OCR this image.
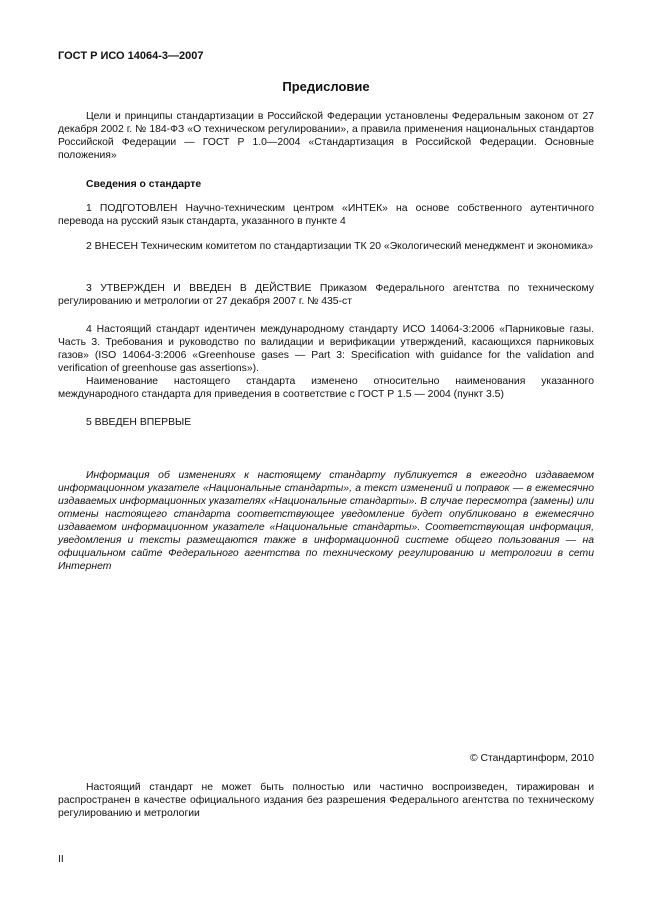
ГОСТ Р ИСО 14064-3—2007
Предисловие

Цели и принципы стандартизации в Российской Федерации установлены Федеральным законом от 27 декабря 2002 г. № 184-ФЗ «О техническом регулировании», а правила применения национальных стандартов Российской Федерации — ГОСТ Р 1.0—2004 «Стандартизация в Российской Федерации. Основные положения»

Сведения о стандарте

1 ПОДГОТОВЛЕН Научно-техническим центром «ИНТЕК» на основе собственного аутентичного перевода на русский язык стандарта, указанного в пункте 4

2 ВНЕСЕН Техническим комитетом по стандартизации ТК 20 «Экологический менеджмент и экономика»

3 УТВЕРЖДЕН И ВВЕДЕН В ДЕЙСТВИЕ Приказом Федерального агентства по техническому регулированию и метрологии от 27 декабря 2007 г. № 435-ст

4 Настоящий стандарт идентичен международному стандарту ИСО 14064-3:2006 «Парниковые газы. Часть 3. Требования и руководство по валидации и верификации утверждений, касающихся парниковых газов» (ISO 14064-3:2006 «Greenhouse gases — Part 3: Specification with guidance for the validation and verification of greenhouse gas assertions»).

Наименование настоящего стандарта изменено относительно наименования указанного международного стандарта для приведения в соответствие с ГОСТ Р 1.5 — 2004 (пункт 3.5)

5 ВВЕДЕН ВПЕРВЫЕ

Информация об изменениях к настоящему стандарту публикуется в ежегодно издаваемом информационном указателе «Национальные стандарты», а текст изменений и поправок — в ежемесячно издаваемых информационных указателях «Национальные стандарты». В случае пересмотра (замены) или отмены настоящего стандарта соответствующее уведомление будет опубликовано в ежемесячно издаваемом информационном указателе «Национальные стандарты». Соответствующая информация, уведомления и тексты размещаются также в информационной системе общего пользования — на официальном сайте Федерального агентства по техническому регулированию и метрологии в сети Интернет

© Стандартинформ, 2010

Настоящий стандарт не может быть полностью или частично воспроизведен, тиражирован и распространен в качестве официального издания без разрешения Федерального агентства по техническому регулированию и метрологии

II
